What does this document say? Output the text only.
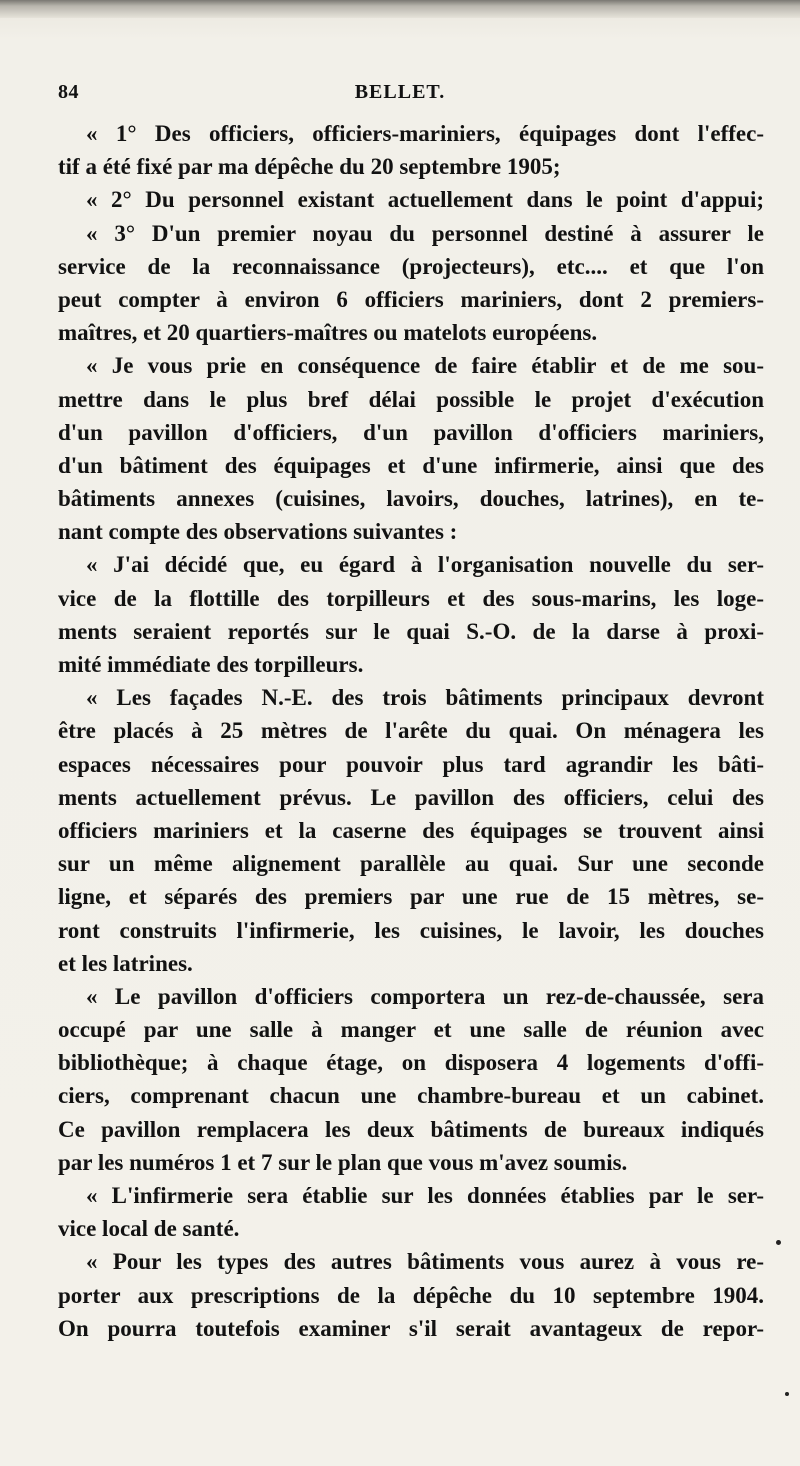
BELLET.
84
« 1° Des officiers, officiers-mariniers, équipages dont l'effec-
tif a été fixé par ma dépêche du 20 septembre 1905;
« 2° Du personnel existant actuellement dans le point d'appui;
« 3° D'un premier noyau du personnel destiné à assurer le
service de la reconnaissance (projecteurs), etc.... et que l'on
peut compter à environ 6 officiers mariniers, dont 2 premiers-
maîtres, et 20 quartiers-maîtres ou matelots européens.
« Je vous prie en conséquence de faire établir et de me sou-
mettre dans le plus bref délai possible le projet d'exécution
d'un pavillon d'officiers, d'un pavillon d'officiers mariniers,
d'un bâtiment des équipages et d'une infirmerie, ainsi que des
bâtiments annexes (cuisines, lavoirs, douches, latrines), en te-
nant compte des observations suivantes :
« J'ai décidé que, eu égard à l'organisation nouvelle du ser-
vice de la flottille des torpilleurs et des sous-marins, les loge-
ments seraient reportés sur le quai S.-O. de la darse à proxi-
mité immédiate des torpilleurs.
« Les façades N.-E. des trois bâtiments principaux devront
être placés à 25 mètres de l'arête du quai. On ménagera les
espaces nécessaires pour pouvoir plus tard agrandir les bâti-
ments actuellement prévus. Le pavillon des officiers, celui des
officiers mariniers et la caserne des équipages se trouvent ainsi
sur un même alignement parallèle au quai. Sur une seconde
ligne, et séparés des premiers par une rue de 15 mètres, se-
ront construits l'infirmerie, les cuisines, le lavoir, les douches
et les latrines.
« Le pavillon d'officiers comportera un rez-de-chaussée, sera
occupé par une salle à manger et une salle de réunion avec
bibliothèque; à chaque étage, on disposera 4 logements d'offi-
ciers, comprenant chacun une chambre-bureau et un cabinet.
Ce pavillon remplacera les deux bâtiments de bureaux indiqués
par les numéros 1 et 7 sur le plan que vous m'avez soumis.
« L'infirmerie sera établie sur les données établies par le ser-
vice local de santé.
« Pour les types des autres bâtiments vous aurez à vous re-
porter aux prescriptions de la dépêche du 10 septembre 1904.
On pourra toutefois examiner s'il serait avantageux de repor-
